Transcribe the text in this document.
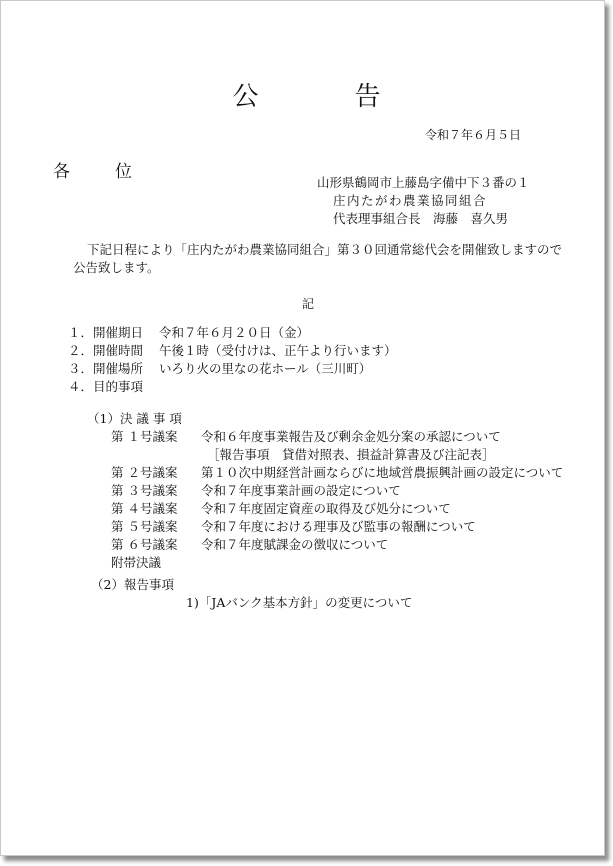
公	告
令和７年６月５日
各　位
山形県鶴岡市上藤島字備中下３番の１
庄内たがわ農業協同組合
代表理事組合長　海藤　喜久男
下記日程により「庄内たがわ農業協同組合」第３０回通常総代会を開催致しますので
公告致します。
記
１．開催期日 令和７年６月２０日（金）
２．開催時間 午後１時（受付けは、正午より行います）
３．開催場所 いろり火の里なの花ホール（三川町）
４．目的事項
（1）決 議 事 項
第 １号議案 令和６年度事業報告及び剰余金処分案の承認について
［報告事項　貸借対照表、損益計算書及び注記表］
第 ２号議案 第１０次中期経営計画ならびに地域営農振興計画の設定について
第 ３号議案 令和７年度事業計画の設定について
第 ４号議案 令和７年度固定資産の取得及び処分について
第 ５号議案 令和７年度における理事及び監事の報酬について
第 ６号議案 令和７年度賦課金の徴収について
附帯決議
（2）報告事項
1)「JAバンク基本方針」の変更について
